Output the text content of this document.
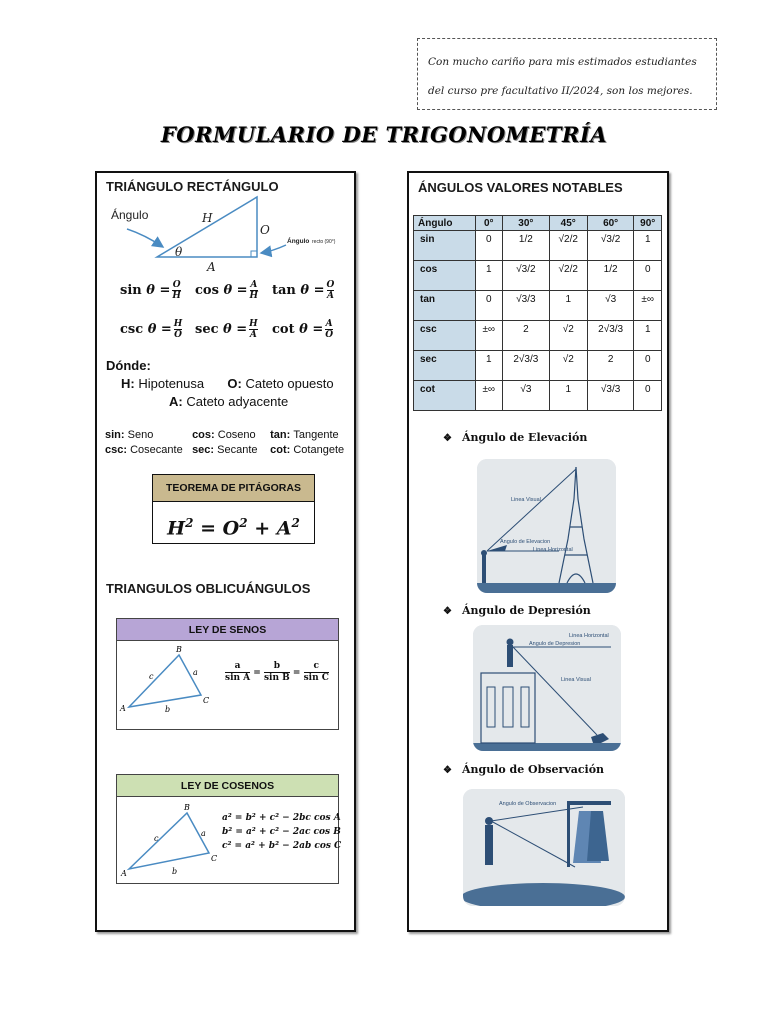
Con mucho cariño para mis estimados estudiantes del curso pre facultativo II/2024, son los mejores.
FORMULARIO DE TRIGONOMETRÍA
TRIÁNGULO RECTÁNGULO
Ángulo	H
O
A
θ
Ángulo recto (90°)
$\sin \theta = \frac{O}{H}$ $\cos \theta = \frac{A}{H}$ $\tan \theta = \frac{O}{A}$
$\csc \theta = \frac{H}{O}$ $\sec \theta = \frac{H}{A}$ $\cot \theta = \frac{A}{O}$
Dónde:
H: Hipotenusa O: Cateto opuesto
A: Cateto adyacente
sin: Seno	cos: Coseno tan: Tangente
csc: Cosecante sec: Secante cot: Cotangete
TEOREMA DE PITÁGORAS
$H^2 = O^2 + A^2$
TRIANGULOS OBLICUÁNGULOS
LEY DE SENOS
A
B
C
a
b
c	$\frac{a}{\text{sin A}} = \frac{b}{\text{sin B}} = \frac{c}{\text{sin C}}$
LEY DE COSENOS
A
B
C
a
b
c
a² = b² + c² − 2bc cos A
b² = a² + c² − 2ac cos B
c² = a² + b² − 2ab cos C
ÁNGULOS VALORES NOTABLES
Ángulo	0°	30°	45°	60°	90°
sin	0	1/2	√2/2	√3/2	1
cos	1	√3/2	√2/2	1/2	0
tan	0	√3/3	1	√3	±∞
csc	±∞	2	√2	2√3/3	1
sec	1	2√3/3	√2	2	0
cot	±∞	√3	1	√3/3	0
❖ Ángulo de Elevación
Linea Visual
Angulo de Elevacion
Linea Horizontal
❖ Ángulo de Depresión
Linea Horizontal
Angulo de Depresion
Linea Visual
❖ Ángulo de Observación
Angulo de Observacion
